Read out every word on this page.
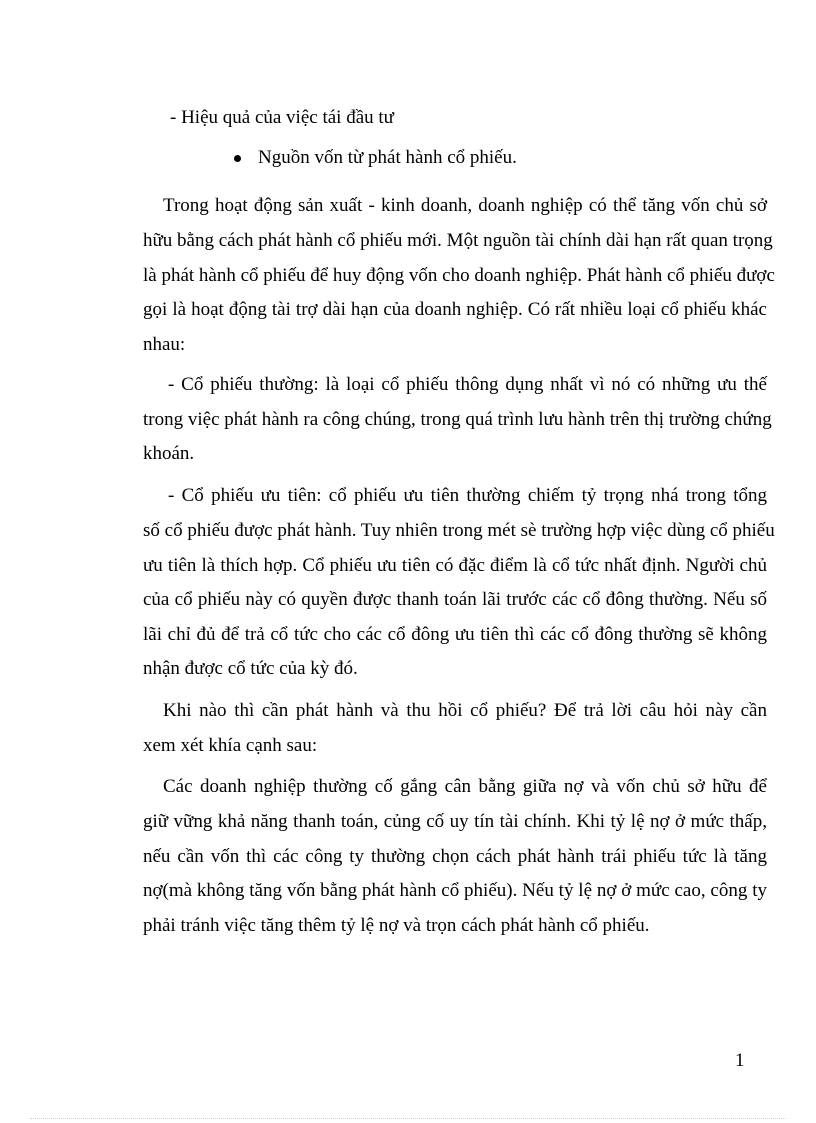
- Hiệu quả của việc tái đầu tư
Nguồn vốn từ phát hành cổ phiếu.
Trong hoạt động sản xuất - kinh doanh, doanh nghiệp có thể tăng vốn chủ sở
hữu bằng cách phát hành cổ phiếu mới. Một nguồn tài chính dài hạn rất quan trọng
là phát hành cổ phiếu để huy động vốn cho doanh nghiệp. Phát hành cổ phiếu được
gọi là hoạt động tài trợ dài hạn của doanh nghiệp. Có rất nhiều loại cổ phiếu khác
nhau:
- Cổ phiếu thường: là loại cổ phiếu thông dụng nhất vì nó có những ưu thế
trong việc phát hành ra công chúng, trong quá trình lưu hành trên thị trường chứng
khoán.
- Cổ phiếu ưu tiên: cổ phiếu ưu tiên thường chiếm tỷ trọng nhá trong tổng
số cổ phiếu được phát hành. Tuy nhiên trong mét sè trường hợp việc dùng cổ phiếu
ưu tiên là thích hợp. Cổ phiếu ưu tiên có đặc điểm là cổ tức nhất định. Người chủ
của cổ phiếu này có quyền được thanh toán lãi trước các cổ đông thường. Nếu số
lãi chỉ đủ để trả cổ tức cho các cổ đông ưu tiên thì các cổ đông thường sẽ không
nhận được cổ tức của kỳ đó.
Khi nào thì cần phát hành và thu hồi cổ phiếu? Để trả lời câu hỏi này cần
xem xét khía cạnh sau:
Các doanh nghiệp thường cố gắng cân bằng giữa nợ và vốn chủ sở hữu để
giữ vững khả năng thanh toán, củng cố uy tín tài chính. Khi tỷ lệ nợ ở mức thấp,
nếu cần vốn thì các công ty thường chọn cách phát hành trái phiếu tức là tăng
nợ(mà không tăng vốn bằng phát hành cổ phiếu). Nếu tỷ lệ nợ ở mức cao, công ty
phải tránh việc tăng thêm tỷ lệ nợ và trọn cách phát hành cổ phiếu.
1
